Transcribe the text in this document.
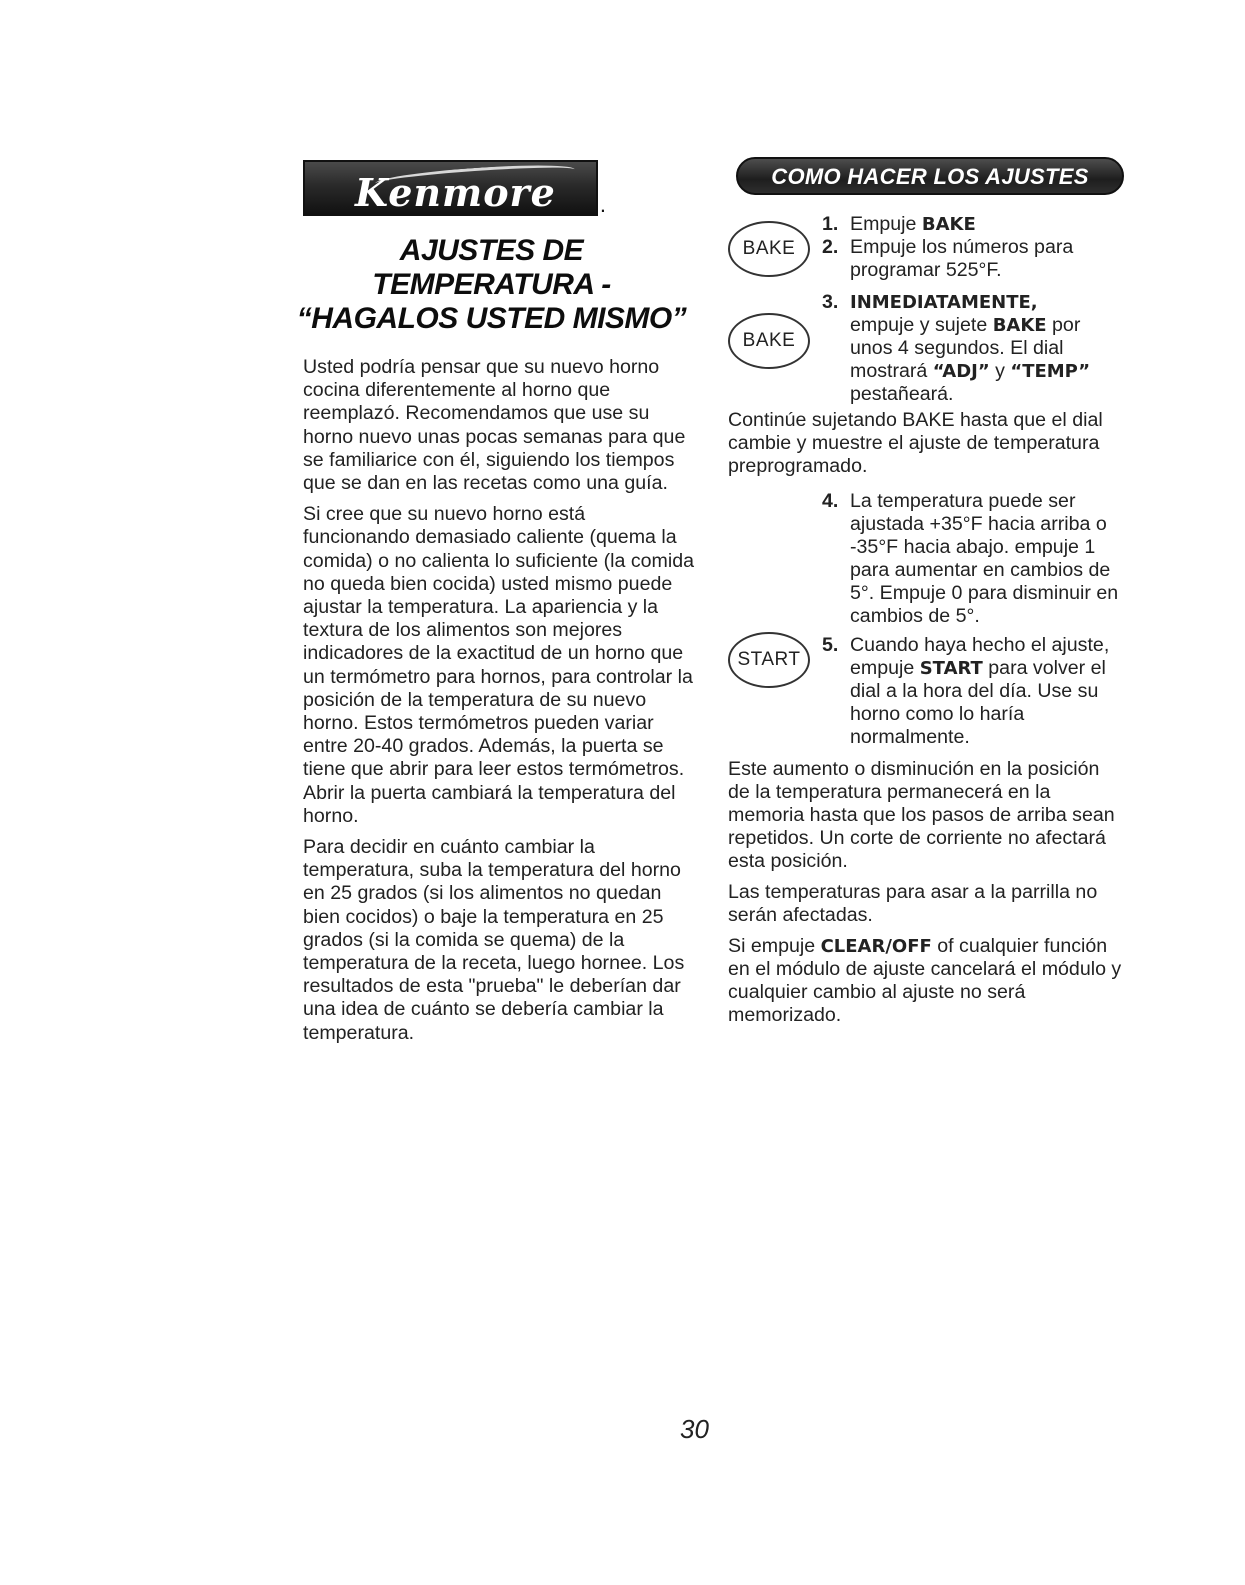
Kenmore .
AJUSTES DE TEMPERATURA -
“HAGALOS USTED MISMO”

Usted podría pensar que su nuevo horno cocina diferentemente al horno que reemplazó. Recomendamos que use su horno nuevo unas pocas semanas para que se familiarice con él, siguiendo los tiempos que se dan en las recetas como una guía.

Si cree que su nuevo horno está funcionando demasiado caliente (quema la comida) o no calienta lo suficiente (la comida no queda bien cocida) usted mismo puede ajustar la temperatura. La apariencia y la textura de los alimentos son mejores indicadores de la exactitud de un horno que un termómetro para hornos, para controlar la posición de la temperatura de su nuevo horno. Estos termómetros pueden variar entre 20-40 grados. Además, la puerta se tiene que abrir para leer estos termómetros. Abrir la puerta cambiará la temperatura del horno.

Para decidir en cuánto cambiar la temperatura, suba la temperatura del horno en 25 grados (si los alimentos no quedan bien cocidos) o baje la temperatura en 25 grados (si la comida se quema) de la temperatura de la receta, luego hornee. Los resultados de esta "prueba" le deberían dar una idea de cuánto se debería cambiar la temperatura.

COMO HACER LOS AJUSTES
BAKE
1. Empuje BAKE
2. Empuje los números para programar 525°F.
BAKE
3. INMEDIATAMENTE,
empuje y sujete BAKE por unos 4 segundos. El dial mostrará “ADJ” y “TEMP” pestañeará.

Continúe sujetando BAKE hasta que el dial cambie y muestre el ajuste de temperatura preprogramado.

4. La temperatura puede ser ajustada +35°F hacia arriba o -35°F hacia abajo. empuje 1 para aumentar en cambios de 5°. Empuje 0 para disminuir en cambios de 5°.
START
5. Cuando haya hecho el ajuste, empuje START para volver el dial a la hora del día. Use su horno como lo haría normalmente.

Este aumento o disminución en la posición de la temperatura permanecerá en la memoria hasta que los pasos de arriba sean repetidos. Un corte de corriente no afectará esta posición.

Las temperaturas para asar a la parrilla no serán afectadas.

Si empuje CLEAR/OFF of cualquier función en el módulo de ajuste cancelará el módulo y cualquier cambio al ajuste no será memorizado.

30
